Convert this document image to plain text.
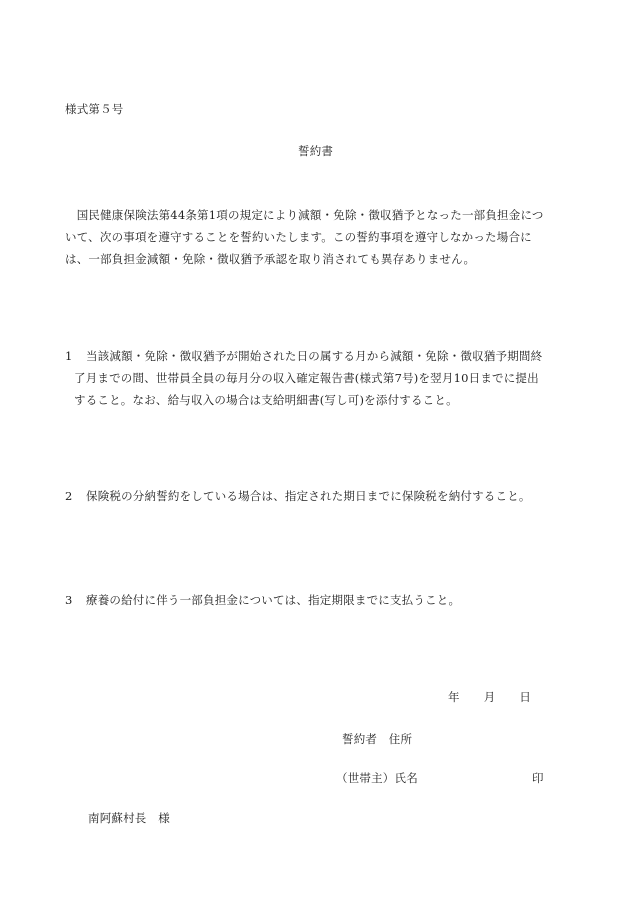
様式第５号
誓約書
　国民健康保険法第44条第1項の規定により減額・免除・徴収猶予となった一部負担金につ
いて、次の事項を遵守することを誓約いたします。この誓約事項を遵守しなかった場合に
は、一部負担金減額・免除・徴収猶予承認を取り消されても異存ありません。
1 当該減額・免除・徴収猶予が開始された日の属する月から減額・免除・徴収猶予期間終
了月までの間、世帯員全員の毎月分の収入確定報告書(様式第7号)を翌月10日までに提出
すること。なお、給与収入の場合は支給明細書(写し可)を添付すること。
2 保険税の分納誓約をしている場合は、指定された期日までに保険税を納付すること。
3 療養の給付に伴う一部負担金については、指定期限までに支払うこと。
年 月 日
誓約者　住所
（世帯主）氏名	印
南阿蘇村長　様
